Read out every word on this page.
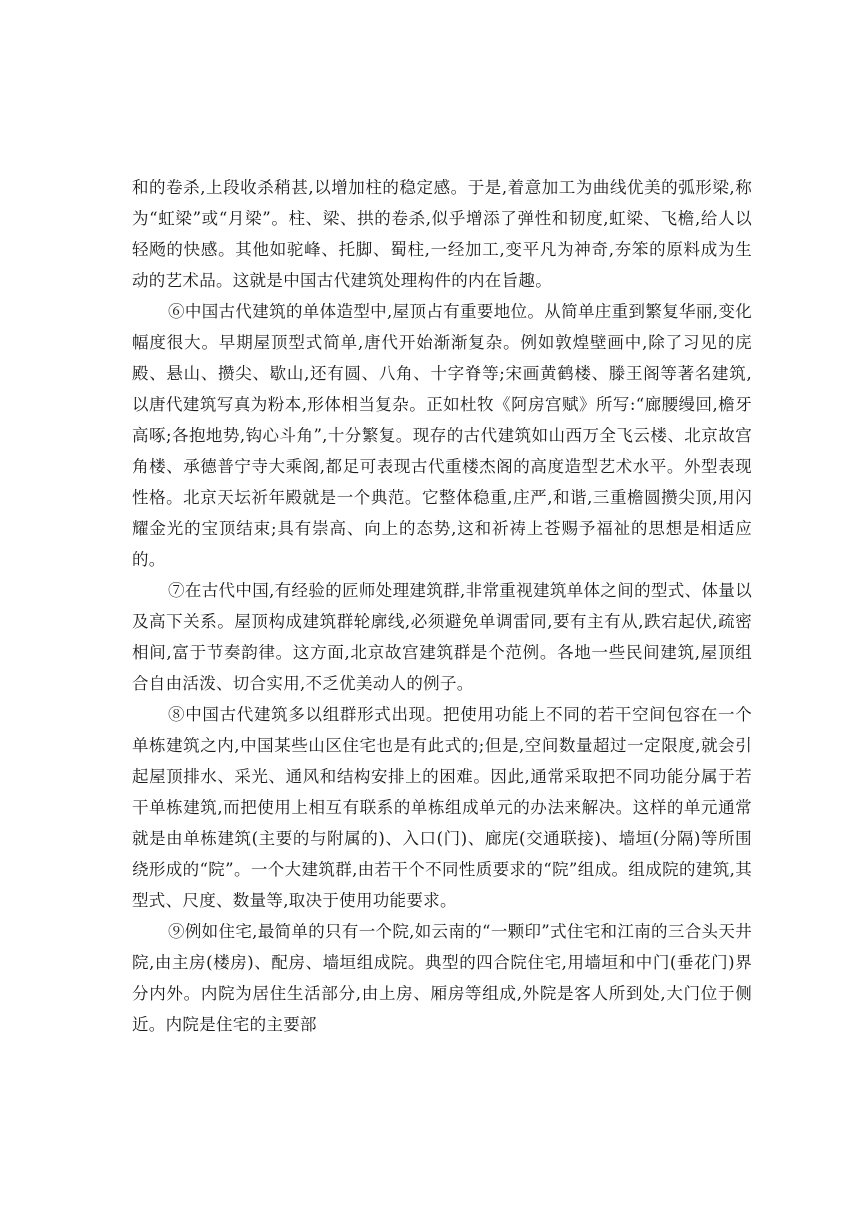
和的卷杀,上段收杀稍甚,以增加柱的稳定感。于是,着意加工为曲线优美的弧形梁,称为“虹梁”或“月梁”。柱、梁、拱的卷杀,似乎增添了弹性和韧度,虹梁、飞檐,给人以轻飏的快感。其他如驼峰、托脚、蜀柱,一经加工,变平凡为神奇,夯笨的原料成为生动的艺术品。这就是中国古代建筑处理构件的内在旨趣。

⑥中国古代建筑的单体造型中,屋顶占有重要地位。从简单庄重到繁复华丽,变化幅度很大。早期屋顶型式简单,唐代开始渐渐复杂。例如敦煌壁画中,除了习见的庑殿、悬山、攒尖、歇山,还有圆、八角、十字脊等;宋画黄鹤楼、滕王阁等著名建筑,以唐代建筑写真为粉本,形体相当复杂。正如杜牧《阿房宫赋》所写:“廊腰缦回,檐牙高啄;各抱地势,钩心斗角”,十分繁复。现存的古代建筑如山西万全飞云楼、北京故宫角楼、承德普宁寺大乘阁,都足可表现古代重楼杰阁的高度造型艺术水平。外型表现性格。北京天坛祈年殿就是一个典范。它整体稳重,庄严,和谐,三重檐圆攒尖顶,用闪耀金光的宝顶结束;具有崇高、向上的态势,这和祈祷上苍赐予福祉的思想是相适应的。

⑦在古代中国,有经验的匠师处理建筑群,非常重视建筑单体之间的型式、体量以及高下关系。屋顶构成建筑群轮廓线,必须避免单调雷同,要有主有从,跌宕起伏,疏密相间,富于节奏韵律。这方面,北京故宫建筑群是个范例。各地一些民间建筑,屋顶组合自由活泼、切合实用,不乏优美动人的例子。

⑧中国古代建筑多以组群形式出现。把使用功能上不同的若干空间包容在一个单栋建筑之内,中国某些山区住宅也是有此式的;但是,空间数量超过一定限度,就会引起屋顶排水、采光、通风和结构安排上的困难。因此,通常采取把不同功能分属于若干单栋建筑,而把使用上相互有联系的单栋组成单元的办法来解决。这样的单元通常就是由单栋建筑(主要的与附属的)、入口(门)、廊庑(交通联接)、墙垣(分隔)等所围绕形成的“院”。一个大建筑群,由若干个不同性质要求的“院”组成。组成院的建筑,其型式、尺度、数量等,取决于使用功能要求。

⑨例如住宅,最简单的只有一个院,如云南的“一颗印”式住宅和江南的三合头天井院,由主房(楼房)、配房、墙垣组成院。典型的四合院住宅,用墙垣和中门(垂花门)界分内外。内院为居住生活部分,由上房、厢房等组成,外院是客人所到处,大门位于侧近。内院是住宅的主要部
